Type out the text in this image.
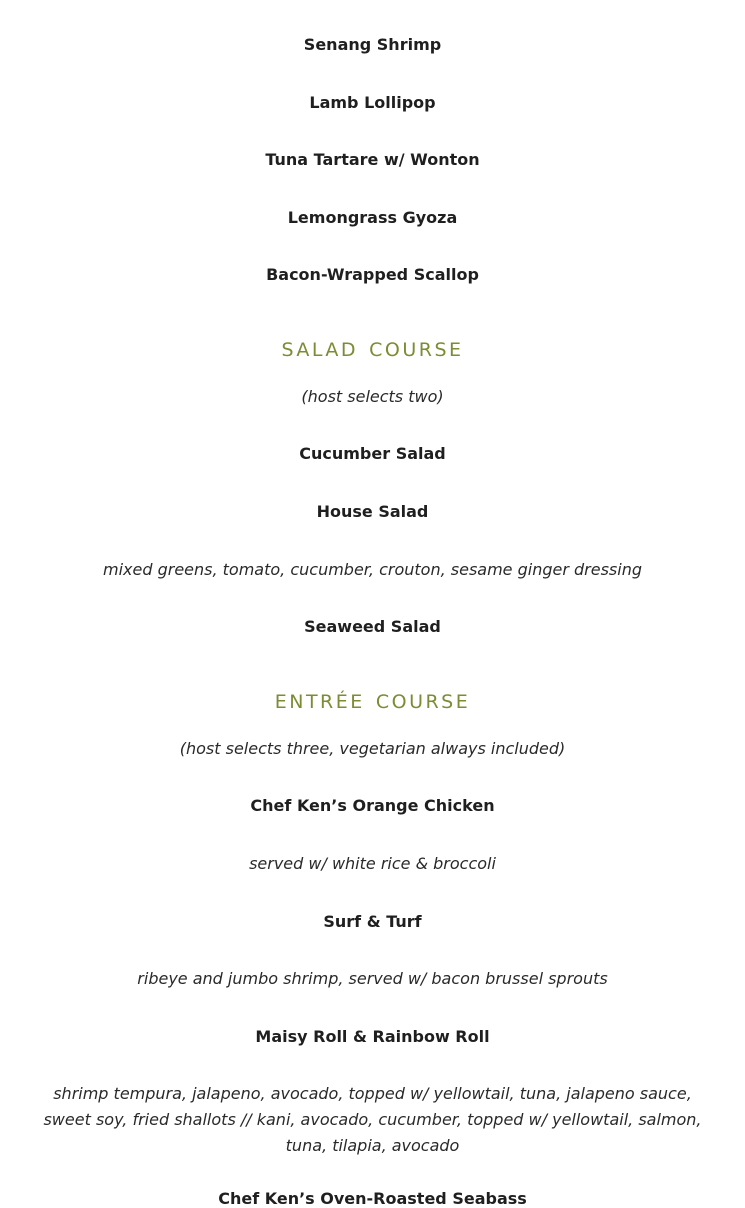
Senang Shrimp
Lamb Lollipop
Tuna Tartare w/ Wonton
Lemongrass Gyoza
Bacon-Wrapped Scallop
salad course
(host selects two)
Cucumber Salad
House Salad
mixed greens, tomato, cucumber, crouton, sesame ginger dressing
Seaweed Salad
entrée course
(host selects three, vegetarian always included)
Chef Ken’s Orange Chicken
served w/ white rice & broccoli
Surf & Turf
ribeye and jumbo shrimp, served w/ bacon brussel sprouts
Maisy Roll & Rainbow Roll
shrimp tempura, jalapeno, avocado, topped w/ yellowtail, tuna, jalapeno sauce, sweet soy, fried shallots // kani, avocado, cucumber, topped w/ yellowtail, salmon, tuna, tilapia, avocado
Chef Ken’s Oven-Roasted Seabass
